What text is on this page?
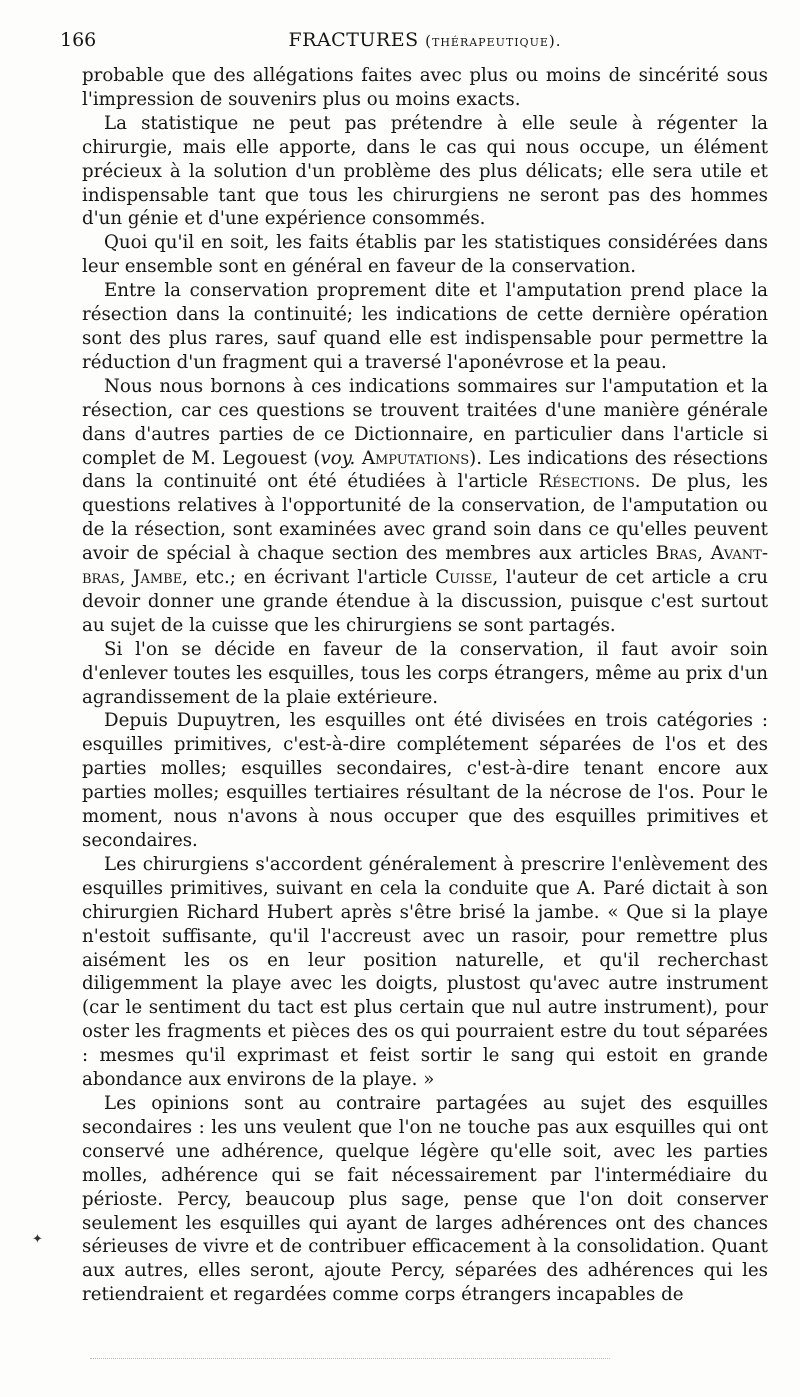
166	FRACTURES (thérapeutique).

probable que des allégations faites avec plus ou moins de sincérité sous l'impression de souvenirs plus ou moins exacts.

La statistique ne peut pas prétendre à elle seule à régenter la chirurgie, mais elle apporte, dans le cas qui nous occupe, un élément précieux à la solution d'un problème des plus délicats; elle sera utile et indispensable tant que tous les chirurgiens ne seront pas des hommes d'un génie et d'une expérience consommés.

Quoi qu'il en soit, les faits établis par les statistiques considérées dans leur ensemble sont en général en faveur de la conservation.

Entre la conservation proprement dite et l'amputation prend place la résection dans la continuité; les indications de cette dernière opération sont des plus rares, sauf quand elle est indispensable pour permettre la réduction d'un fragment qui a traversé l'aponévrose et la peau.

Nous nous bornons à ces indications sommaires sur l'amputation et la résection, car ces questions se trouvent traitées d'une manière générale dans d'autres parties de ce Dictionnaire, en particulier dans l'article si complet de M. Legouest (voy. Amputations). Les indications des résections dans la continuité ont été étudiées à l'article Résections. De plus, les questions relatives à l'opportunité de la conservation, de l'amputation ou de la résection, sont examinées avec grand soin dans ce qu'elles peuvent avoir de spécial à chaque section des membres aux articles Bras, Avant-bras, Jambe, etc.; en écrivant l'article Cuisse, l'auteur de cet article a cru devoir donner une grande étendue à la discussion, puisque c'est surtout au sujet de la cuisse que les chirurgiens se sont partagés.

Si l'on se décide en faveur de la conservation, il faut avoir soin d'enlever toutes les esquilles, tous les corps étrangers, même au prix d'un agrandissement de la plaie extérieure.

Depuis Dupuytren, les esquilles ont été divisées en trois catégories : esquilles primitives, c'est-à-dire complétement séparées de l'os et des parties molles; esquilles secondaires, c'est-à-dire tenant encore aux parties molles; esquilles tertiaires résultant de la nécrose de l'os. Pour le moment, nous n'avons à nous occuper que des esquilles primitives et secondaires.

Les chirurgiens s'accordent généralement à prescrire l'enlèvement des esquilles primitives, suivant en cela la conduite que A. Paré dictait à son chirurgien Richard Hubert après s'être brisé la jambe. « Que si la playe n'estoit suffisante, qu'il l'accreust avec un rasoir, pour remettre plus aisément les os en leur position naturelle, et qu'il recherchast diligemment la playe avec les doigts, plustost qu'avec autre instrument (car le sentiment du tact est plus certain que nul autre instrument), pour oster les fragments et pièces des os qui pourraient estre du tout séparées : mesmes qu'il exprimast et feist sortir le sang qui estoit en grande abondance aux environs de la playe. »

Les opinions sont au contraire partagées au sujet des esquilles secondaires : les uns veulent que l'on ne touche pas aux esquilles qui ont conservé une adhérence, quelque légère qu'elle soit, avec les parties molles, adhérence qui se fait nécessairement par l'intermédiaire du périoste. Percy, beaucoup plus sage, pense que l'on doit conserver seulement les esquilles qui ayant de larges adhérences ont des chances sérieuses de vivre et de contribuer efficacement à la consolidation. Quant aux autres, elles seront, ajoute Percy, séparées des adhérences qui les retiendraient et regardées comme corps étrangers incapables de

✦
